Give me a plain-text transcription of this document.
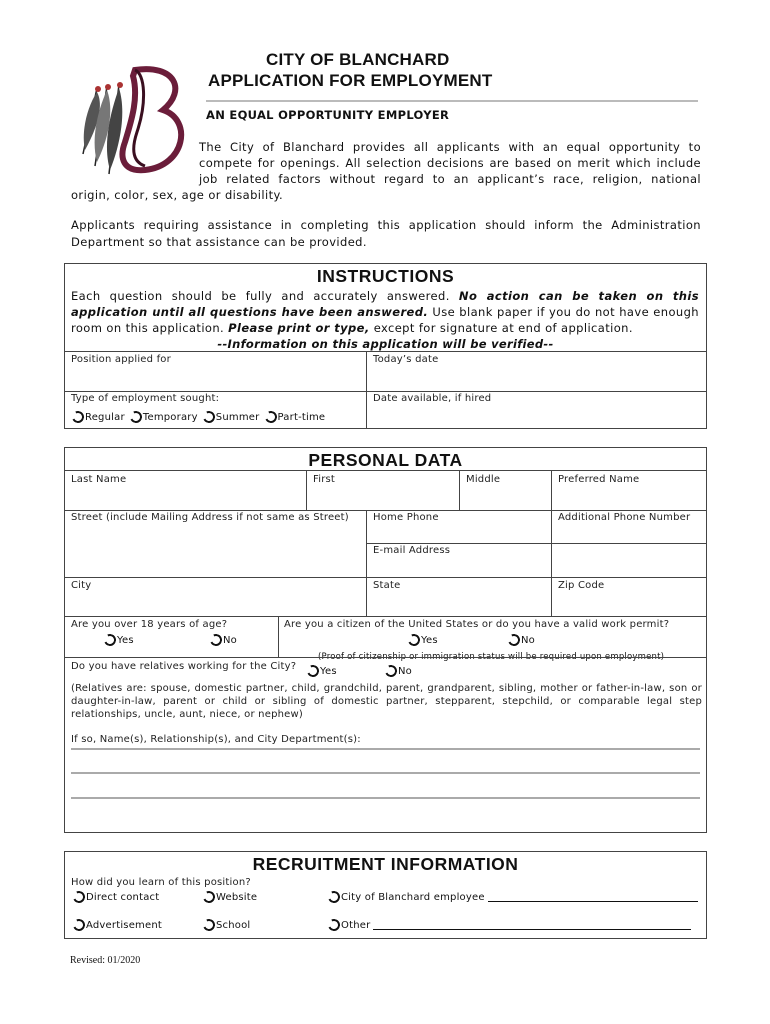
B	CITY OF BLANCHARD
APPLICATION FOR EMPLOYMENT
AN EQUAL OPPORTUNITY EMPLOYER
The City of Blanchard provides all applicants with an equal opportunity to
compete for openings. All selection decisions are based on merit which include
job related factors without regard to an applicant’s race, religion, national
origin, color, sex, age or disability.
Applicants requiring assistance in completing this application should inform the Administration Department so that assistance can be provided.
INSTRUCTIONS
Each question should be fully and accurately answered. No action can be taken on this application until all questions have been answered. Use blank paper if you do not have enough room on this application. Please print or type, except for signature at end of application.
--Information on this application will be verified--
Position applied for	Today’s date
Type of employment sought:	Date available, if hired
Regular
Temporary
Summer
Part-time
PERSONAL DATA
Last Name	First	Middle	Preferred Name
Street (include Mailing Address if not same as Street) Home Phone	Additional Phone Number
E-mail Address
City	State	Zip Code
Are you over 18 years of age?	Are you a citizen of the United States or do you have a valid work permit?
Yes	No	Yes	No
(Proof of citizenship or immigration status will be required upon employment)
Do you have relatives working for the City? Yes	No
(Relatives are: spouse, domestic partner, child, grandchild, parent, grandparent, sibling, mother or father-in-law, son or daughter-in-law, parent or child or sibling of domestic partner, stepparent, stepchild, or comparable legal step relationships, uncle, aunt, niece, or nephew)
If so, Name(s), Relationship(s), and City Department(s):
RECRUITMENT INFORMATION
How did you learn of this position?
Direct contact	Website	City of Blanchard employee
Advertisement	School	Other
Revised: 01/2020
